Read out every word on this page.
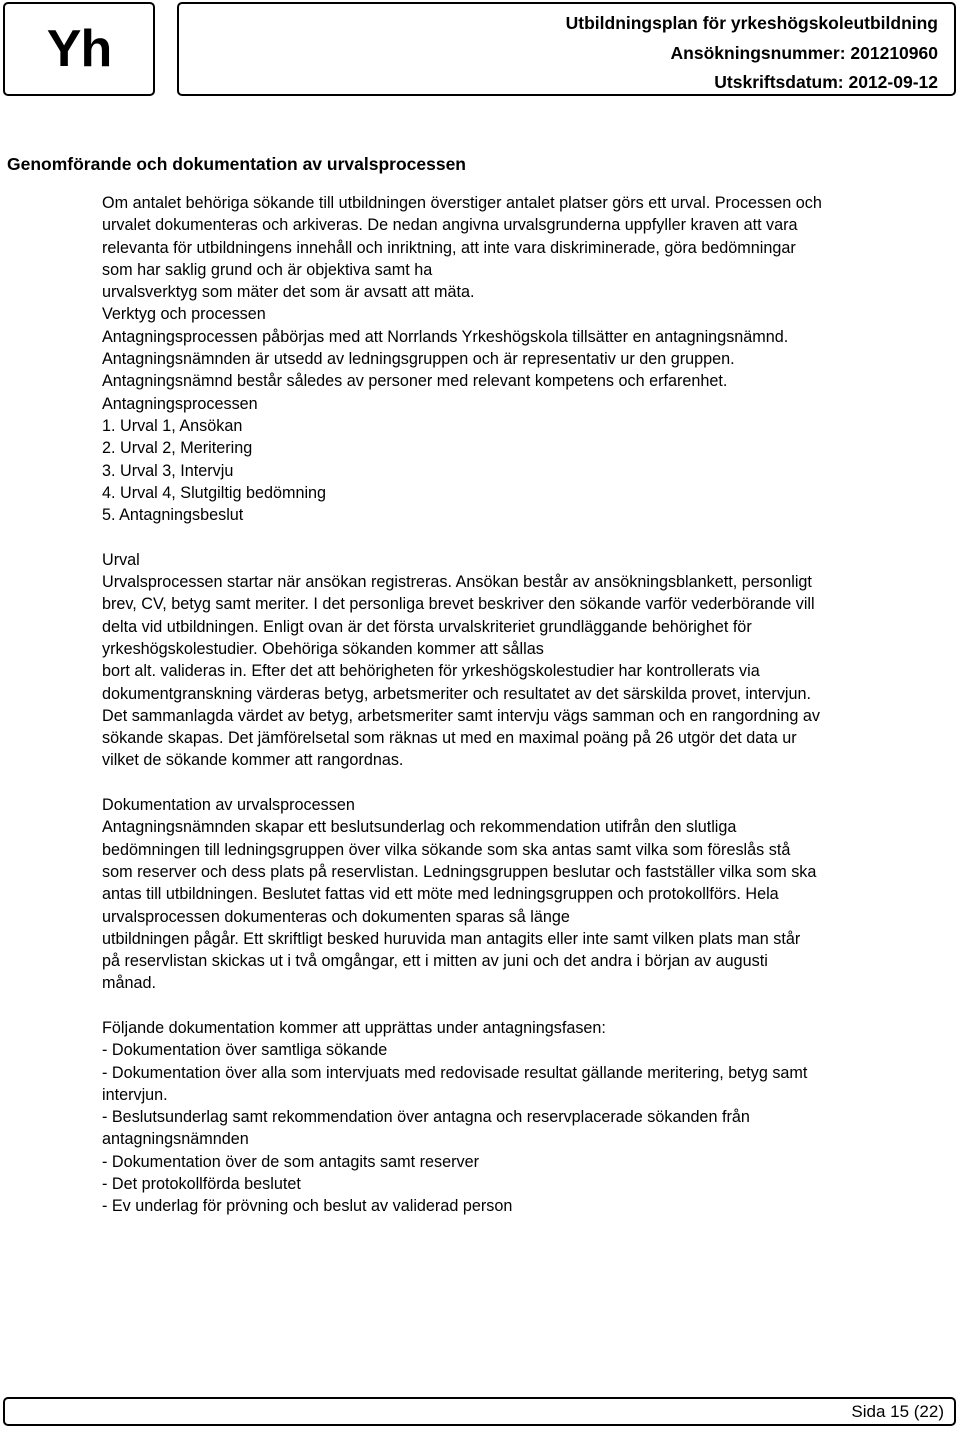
Yh	Utbildningsplan för yrkeshögskoleutbildning
Ansökningsnummer: 201210960
Utskriftsdatum: 2012-09-12
Genomförande och dokumentation av urvalsprocessen
Om antalet behöriga sökande till utbildningen överstiger antalet platser görs ett urval. Processen och
urvalet dokumenteras och arkiveras. De nedan angivna urvalsgrunderna uppfyller kraven att vara
relevanta för utbildningens innehåll och inriktning, att inte vara diskriminerade, göra bedömningar
som har saklig grund och är objektiva samt ha
urvalsverktyg som mäter det som är avsatt att mäta.
Verktyg och processen
Antagningsprocessen påbörjas med att Norrlands Yrkeshögskola tillsätter en antagningsnämnd.
Antagningsnämnden är utsedd av ledningsgruppen och är representativ ur den gruppen.
Antagningsnämnd består således av personer med relevant kompetens och erfarenhet.
Antagningsprocessen
1. Urval 1, Ansökan
2. Urval 2, Meritering
3. Urval 3, Intervju
4. Urval 4, Slutgiltig bedömning
5. Antagningsbeslut
Urval
Urvalsprocessen startar när ansökan registreras. Ansökan består av ansökningsblankett, personligt
brev, CV, betyg samt meriter. I det personliga brevet beskriver den sökande varför vederbörande vill
delta vid utbildningen. Enligt ovan är det första urvalskriteriet grundläggande behörighet för
yrkeshögskolestudier. Obehöriga sökanden kommer att sållas
bort alt. valideras in. Efter det att behörigheten för yrkeshögskolestudier har kontrollerats via
dokumentgranskning värderas betyg, arbetsmeriter och resultatet av det särskilda provet, intervjun.
Det sammanlagda värdet av betyg, arbetsmeriter samt intervju vägs samman och en rangordning av
sökande skapas. Det jämförelsetal som räknas ut med en maximal poäng på 26 utgör det data ur
vilket de sökande kommer att rangordnas.
Dokumentation av urvalsprocessen
Antagningsnämnden skapar ett beslutsunderlag och rekommendation utifrån den slutliga
bedömningen till ledningsgruppen över vilka sökande som ska antas samt vilka som föreslås stå
som reserver och dess plats på reservlistan. Ledningsgruppen beslutar och fastställer vilka som ska
antas till utbildningen. Beslutet fattas vid ett möte med ledningsgruppen och protokollförs. Hela
urvalsprocessen dokumenteras och dokumenten sparas så länge
utbildningen pågår. Ett skriftligt besked huruvida man antagits eller inte samt vilken plats man står
på reservlistan skickas ut i två omgångar, ett i mitten av juni och det andra i början av augusti
månad.
Följande dokumentation kommer att upprättas under antagningsfasen:
- Dokumentation över samtliga sökande
- Dokumentation över alla som intervjuats med redovisade resultat gällande meritering, betyg samt
intervjun.
- Beslutsunderlag samt rekommendation över antagna och reservplacerade sökanden från
antagningsnämnden
- Dokumentation över de som antagits samt reserver
- Det protokollförda beslutet
- Ev underlag för prövning och beslut av validerad person
Sida 15 (22)
